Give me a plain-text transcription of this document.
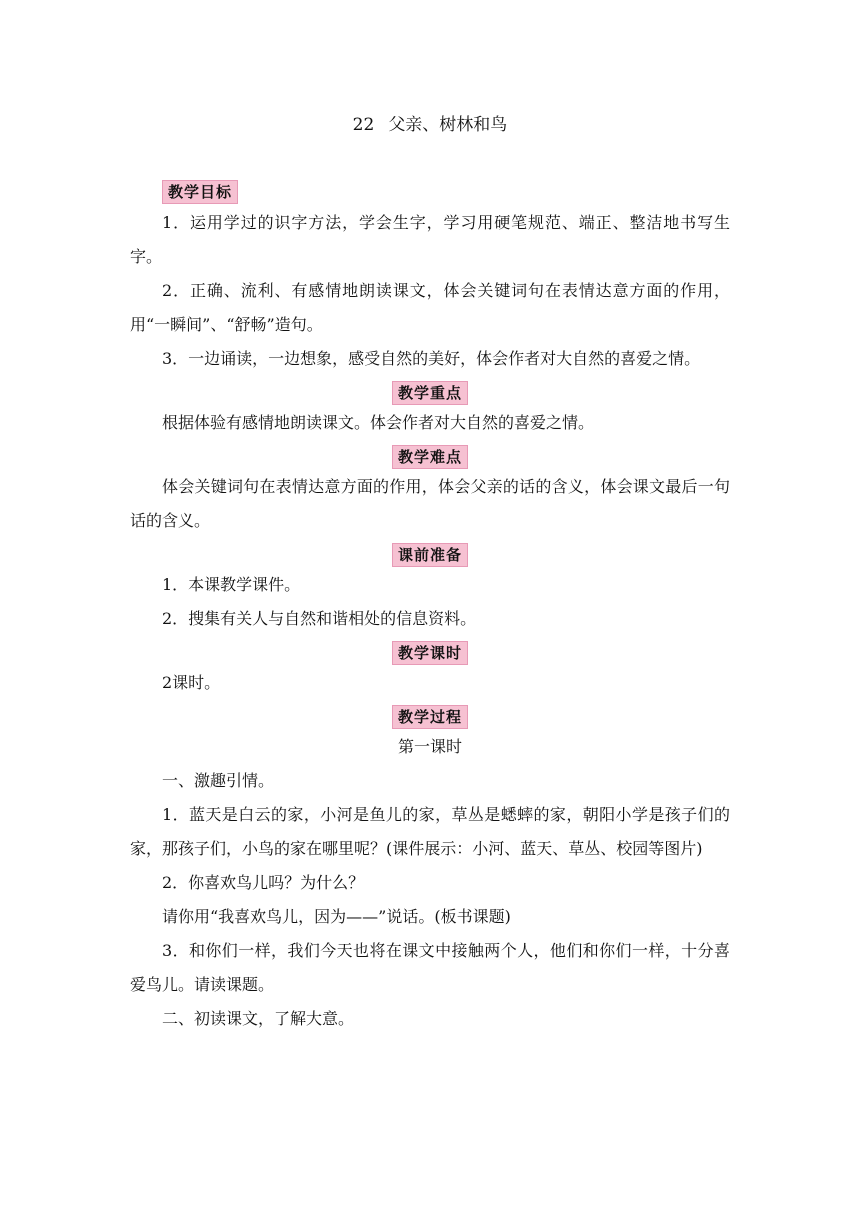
22 父亲、树林和鸟
教学目标

1．运用学过的识字方法，学会生字，学习用硬笔规范、端正、整洁地书写生字。

2．正确、流利、有感情地朗读课文，体会关键词句在表情达意方面的作用，用“一瞬间”、“舒畅”造句。

3．一边诵读，一边想象，感受自然的美好，体会作者对大自然的喜爱之情。

教学重点

根据体验有感情地朗读课文。体会作者对大自然的喜爱之情。

教学难点

体会关键词句在表情达意方面的作用，体会父亲的话的含义，体会课文最后一句话的含义。

课前准备

1．本课教学课件。

2．搜集有关人与自然和谐相处的信息资料。

教学课时

2课时。

教学过程

第一课时

一、激趣引情。

1．蓝天是白云的家，小河是鱼儿的家，草丛是蟋蟀的家，朝阳小学是孩子们的家，那孩子们，小鸟的家在哪里呢？(课件展示：小河、蓝天、草丛、校园等图片)

2．你喜欢鸟儿吗？为什么？

请你用“我喜欢鸟儿，因为——”说话。(板书课题)

3．和你们一样，我们今天也将在课文中接触两个人，他们和你们一样，十分喜爱鸟儿。请读课题。

二、初读课文，了解大意。
